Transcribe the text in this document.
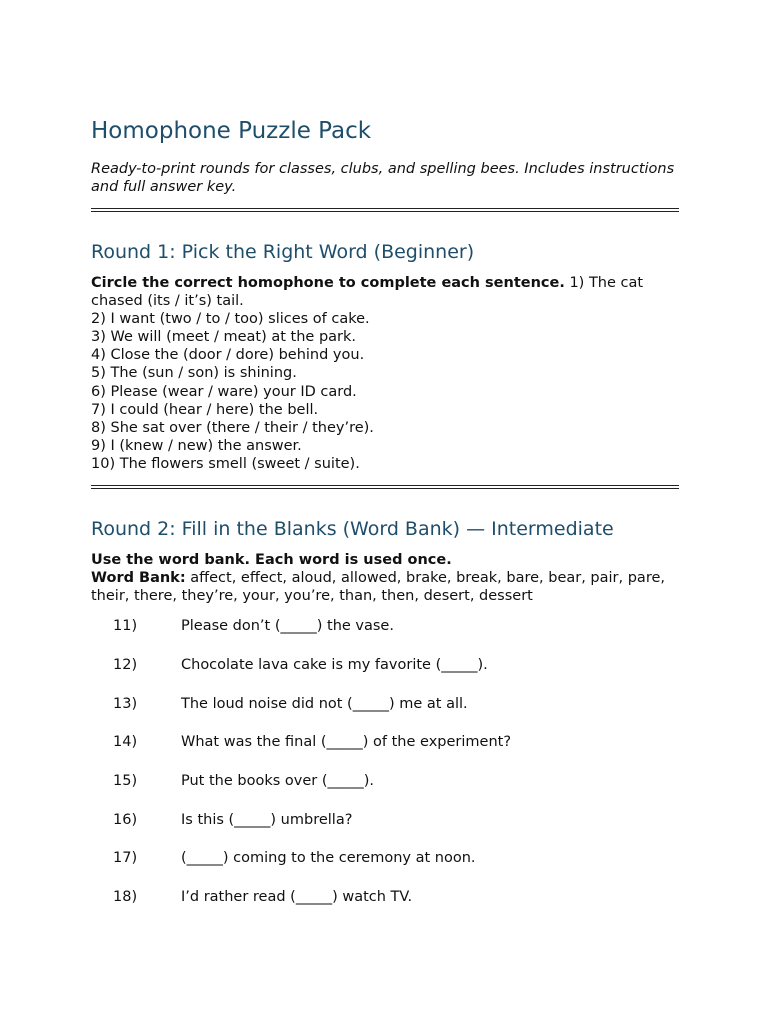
Homophone Puzzle Pack

Ready-to-print rounds for classes, clubs, and spelling bees. Includes instructions and full answer key.

Round 1: Pick the Right Word (Beginner)
Circle the correct homophone to complete each sentence. 1) The cat chased (its / it’s) tail.
2) I want (two / to / too) slices of cake.
3) We will (meet / meat) at the park.
4) Close the (door / dore) behind you.
5) The (sun / son) is shining.
6) Please (wear / ware) your ID card.
7) I could (hear / here) the bell.
8) She sat over (there / their / they’re).
9) I (knew / new) the answer.
10) The flowers smell (sweet / suite).
Round 2: Fill in the Blanks (Word Bank) — Intermediate
Use the word bank. Each word is used once.
Word Bank: affect, effect, aloud, allowed, brake, break, bare, bear, pair, pare, their, there, they’re, your, you’re, than, then, desert, dessert
11)	Please don’t (_____) the vase.
12)	Chocolate lava cake is my favorite (_____).
13)	The loud noise did not (_____) me at all.
14)	What was the final (_____) of the experiment?
15)	Put the books over (_____).
16)	Is this (_____) umbrella?
17)	(_____) coming to the ceremony at noon.
18)	I’d rather read (_____) watch TV.
